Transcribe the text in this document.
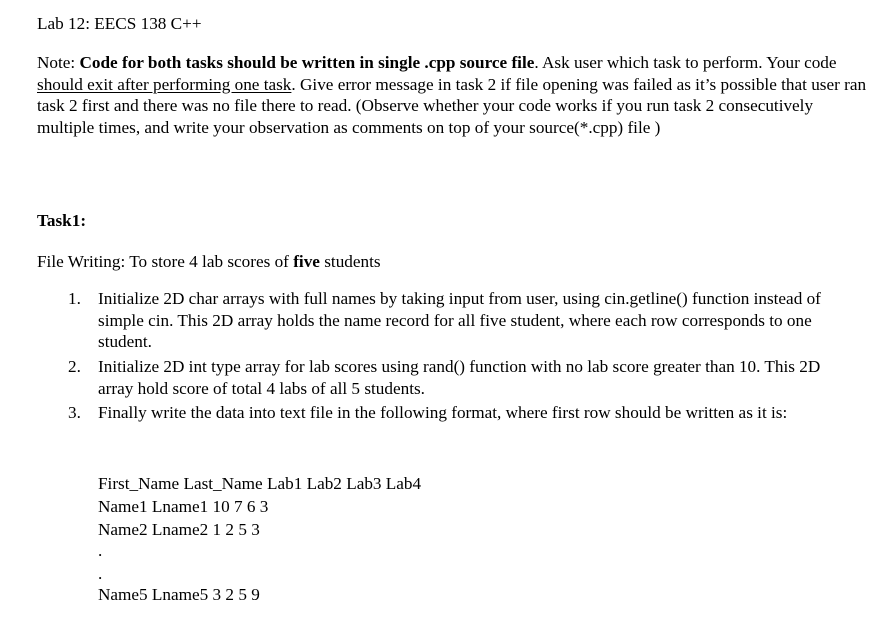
Lab 12: EECS 138 C++
Note: Code for both tasks should be written in single .cpp source file. Ask user which task to perform. Your code should exit after performing one task. Give error message in task 2 if file opening was failed as it’s possible that user ran task 2 first and there was no file there to read. (Observe whether your code works if you run task 2 consecutively multiple times, and write your observation as comments on top of your source(*.cpp) file )
Task1:
File Writing: To store 4 lab scores of five students
1. Initialize 2D char arrays with full names by taking input from user, using cin.getline() function instead of simple cin. This 2D array holds the name record for all five student, where each row corresponds to one student.
2. Initialize 2D int type array for lab scores using rand() function with no lab score greater than 10. This 2D array hold score of total 4 labs of all 5 students.
3. Finally write the data into text file in the following format, where first row should be written as it is:
First_Name Last_Name Lab1 Lab2 Lab3 Lab4
Name1 Lname1 10 7 6 3
Name2 Lname2 1 2 5 3
.
.
Name5 Lname5 3 2 5 9
